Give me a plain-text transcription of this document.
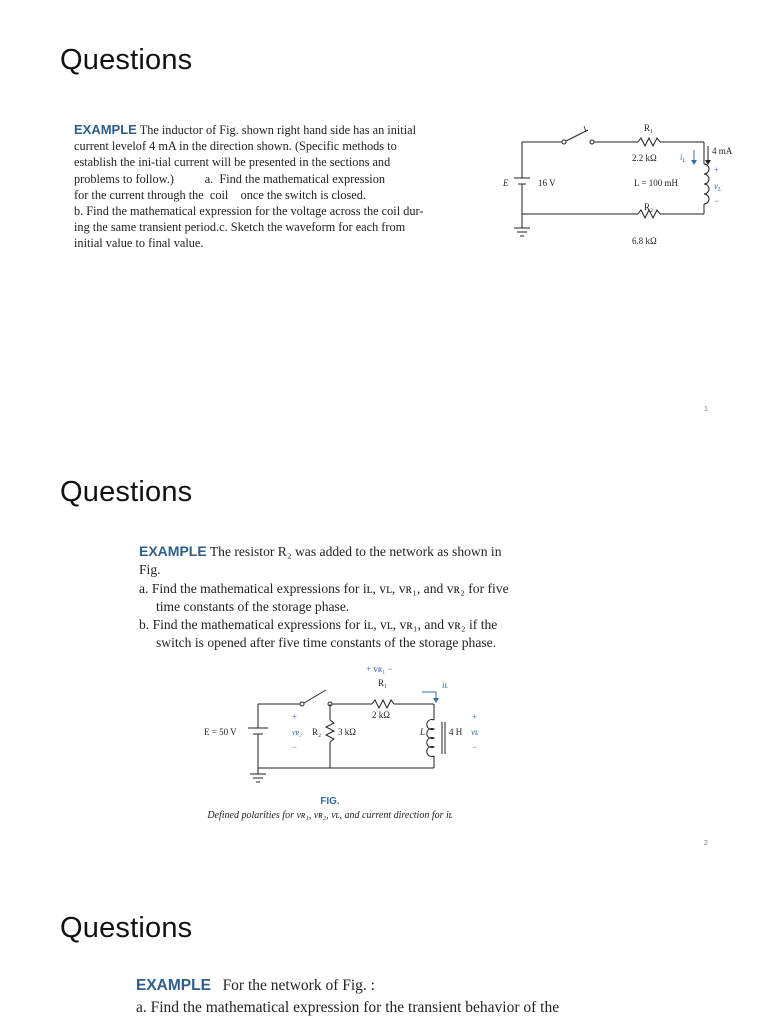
Questions
EXAMPLE The inductor of Fig. shown right hand side has an initial
current levelof 4 mA in the direction shown. (Specific methods to
establish the ini-tial current will be presented in the sections and
problems to follow.)          a.  Find the mathematical expression
for the current through the  coil    once the switch is closed.
b. Find the mathematical expression for the voltage across the coil dur-
ing the same transient period.c. Sketch the waveform for each from
initial value to final value.
R₁
2.2 kΩ
4 mA
$i_L$
+
$v_L$
−
L = 100 mH
R₂
6.8 kΩ
E	16 V
1
Questions
EXAMPLE The resistor R₂ was added to the network as shown in
Fig.
a. Find the mathematical expressions for iʟ, vʟ, vʀ₁, and vʀ₂ for five
time constants of the storage phase.
b. Find the mathematical expressions for iʟ, vʟ, vʀ₁, and vʀ₂ if the
switch is opened after five time constants of the storage phase.
+ vʀ₁ −
R₁
2 kΩ
iʟ
E = 50 V
+
vʀ₂
−
R₂ 3 kΩ	L	4 H
+
vʟ
−
FIG.
Defined polarities for vʀ₁, vʀ₂, vʟ, and current direction for iʟ
2
Questions
EXAMPLE   For the network of Fig. :
a. Find the mathematical expression for the transient behavior of the
